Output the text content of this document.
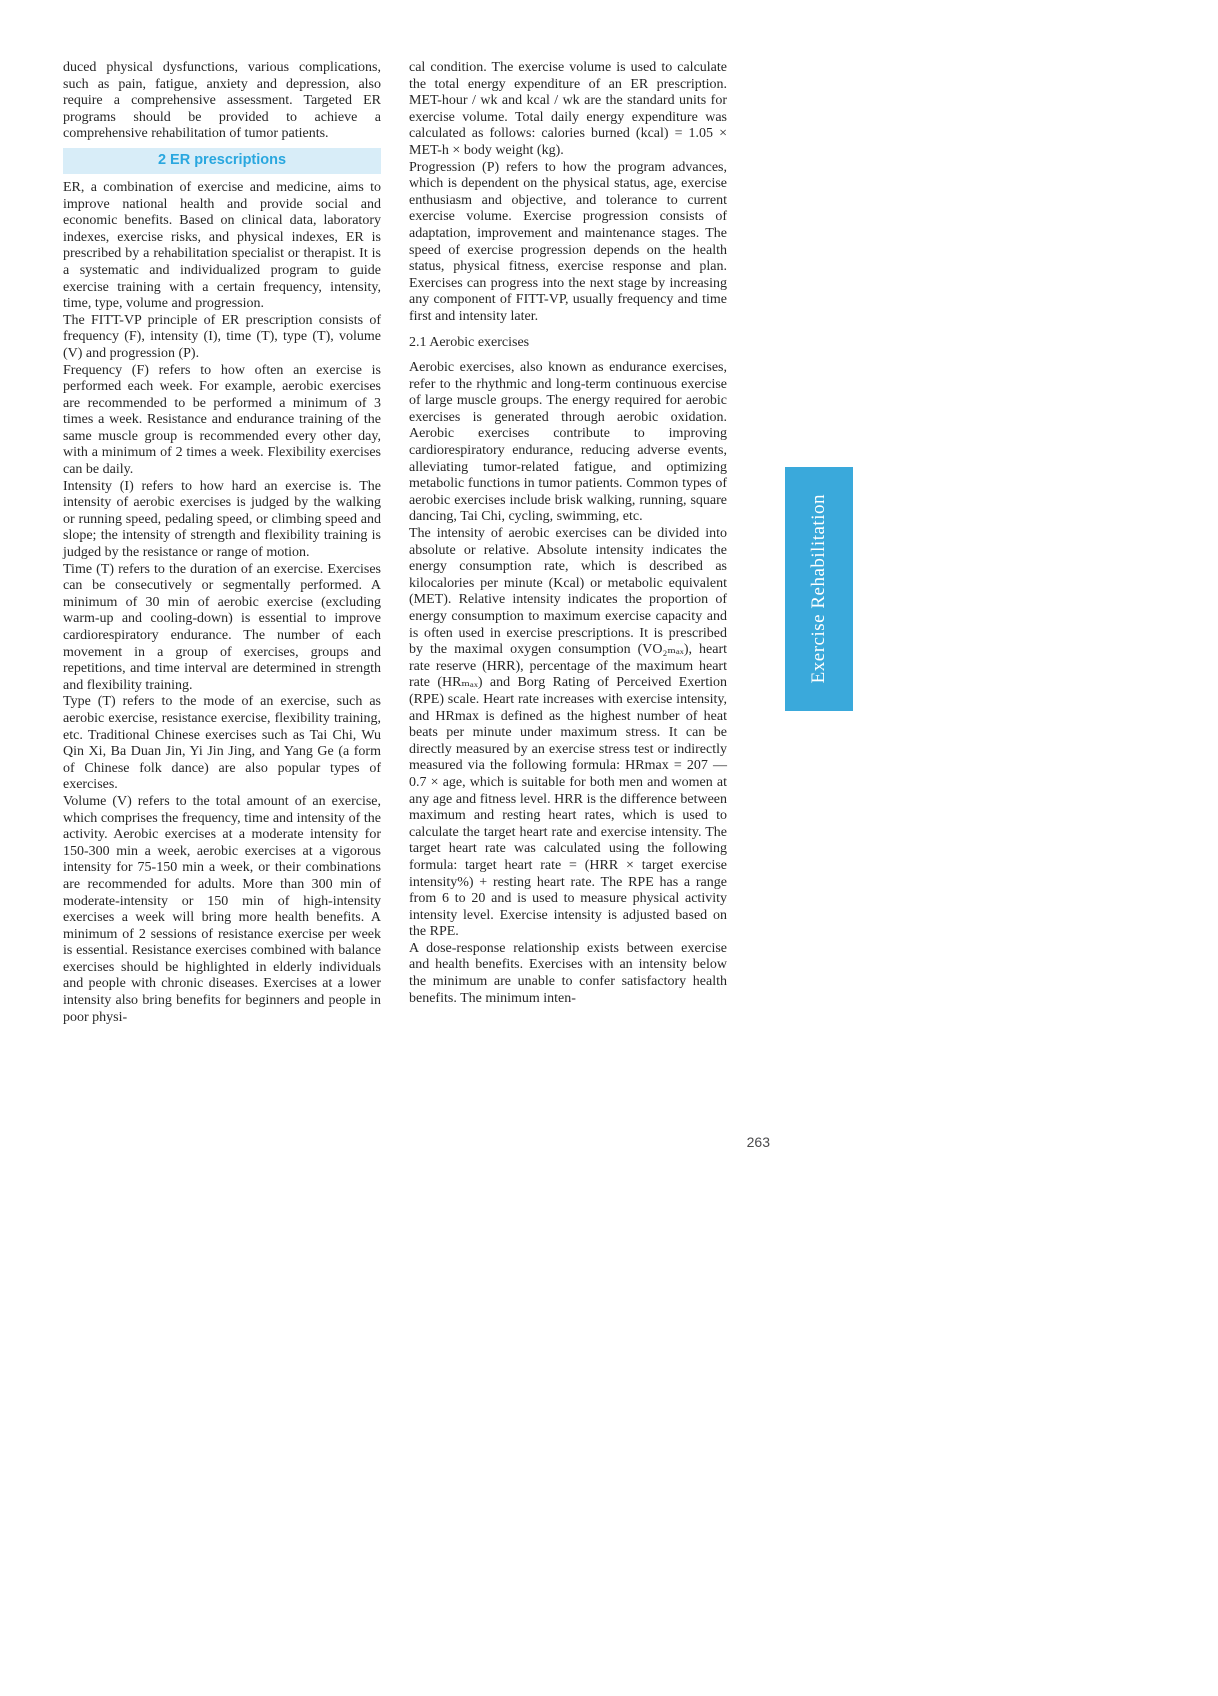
duced physical dysfunctions, various complications, such as pain, fatigue, anxiety and depression, also require a comprehensive assessment. Targeted ER programs should be provided to achieve a comprehensive rehabilitation of tumor patients.

2 ER prescriptions

ER, a combination of exercise and medicine, aims to improve national health and provide social and economic benefits. Based on clinical data, laboratory indexes, exercise risks, and physical indexes, ER is prescribed by a rehabilitation specialist or therapist. It is a systematic and individualized program to guide exercise training with a certain frequency, intensity, time, type, volume and progression.

The FITT-VP principle of ER prescription consists of frequency (F), intensity (I), time (T), type (T), volume (V) and progression (P).

Frequency (F) refers to how often an exercise is performed each week. For example, aerobic exercises are recommended to be performed a minimum of 3 times a week. Resistance and endurance training of the same muscle group is recommended every other day, with a minimum of 2 times a week. Flexibility exercises can be daily.

Intensity (I) refers to how hard an exercise is. The intensity of aerobic exercises is judged by the walking or running speed, pedaling speed, or climbing speed and slope; the intensity of strength and flexibility training is judged by the resistance or range of motion.

Time (T) refers to the duration of an exercise. Exercises can be consecutively or segmentally performed. A minimum of 30 min of aerobic exercise (excluding warm-up and cooling-down) is essential to improve cardiorespiratory endurance. The number of each movement in a group of exercises, groups and repetitions, and time interval are determined in strength and flexibility training.

Type (T) refers to the mode of an exercise, such as aerobic exercise, resistance exercise, flexibility training, etc. Traditional Chinese exercises such as Tai Chi, Wu Qin Xi, Ba Duan Jin, Yi Jin Jing, and Yang Ge (a form of Chinese folk dance) are also popular types of exercises.

Volume (V) refers to the total amount of an exercise, which comprises the frequency, time and intensity of the activity. Aerobic exercises at a moderate intensity for 150-300 min a week, aerobic exercises at a vigorous intensity for 75-150 min a week, or their combinations are recommended for adults. More than 300 min of moderate-intensity or 150 min of high-intensity exercises a week will bring more health benefits. A minimum of 2 sessions of resistance exercise per week is essential. Resistance exercises combined with balance exercises should be highlighted in elderly individuals and people with chronic diseases. Exercises at a lower intensity also bring benefits for beginners and people in poor physi-

cal condition. The exercise volume is used to calculate the total energy expenditure of an ER prescription. MET-hour / wk and kcal / wk are the standard units for exercise volume. Total daily energy expenditure was calculated as follows: calories burned (kcal) = 1.05 × MET-h × body weight (kg).

Progression (P) refers to how the program advances, which is dependent on the physical status, age, exercise enthusiasm and objective, and tolerance to current exercise volume. Exercise progression consists of adaptation, improvement and maintenance stages. The speed of exercise progression depends on the health status, physical fitness, exercise response and plan. Exercises can progress into the next stage by increasing any component of FITT-VP, usually frequency and time first and intensity later.

2.1 Aerobic exercises

Aerobic exercises, also known as endurance exercises, refer to the rhythmic and long-term continuous exercise of large muscle groups. The energy required for aerobic exercises is generated through aerobic oxidation. Aerobic exercises contribute to improving cardiorespiratory endurance, reducing adverse events, alleviating tumor-related fatigue, and optimizing metabolic functions in tumor patients. Common types of aerobic exercises include brisk walking, running, square dancing, Tai Chi, cycling, swimming, etc.

The intensity of aerobic exercises can be divided into absolute or relative. Absolute intensity indicates the energy consumption rate, which is described as kilocalories per minute (Kcal) or metabolic equivalent (MET). Relative intensity indicates the proportion of energy consumption to maximum exercise capacity and is often used in exercise prescriptions. It is prescribed by the maximal oxygen consumption (VO₂ₘₐₓ), heart rate reserve (HRR), percentage of the maximum heart rate (HRₘₐₓ) and Borg Rating of Perceived Exertion (RPE) scale. Heart rate increases with exercise intensity, and HRmax is defined as the highest number of heat beats per minute under maximum stress. It can be directly measured by an exercise stress test or indirectly measured via the following formula: HRmax = 207 — 0.7 × age, which is suitable for both men and women at any age and fitness level. HRR is the difference between maximum and resting heart rates, which is used to calculate the target heart rate and exercise intensity. The target heart rate was calculated using the following formula: target heart rate = (HRR × target exercise intensity%) + resting heart rate. The RPE has a range from 6 to 20 and is used to measure physical activity intensity level. Exercise intensity is adjusted based on the RPE.

A dose-response relationship exists between exercise and health benefits. Exercises with an intensity below the minimum are unable to confer satisfactory health benefits. The minimum inten-

Exercise Rehabilitation
263
